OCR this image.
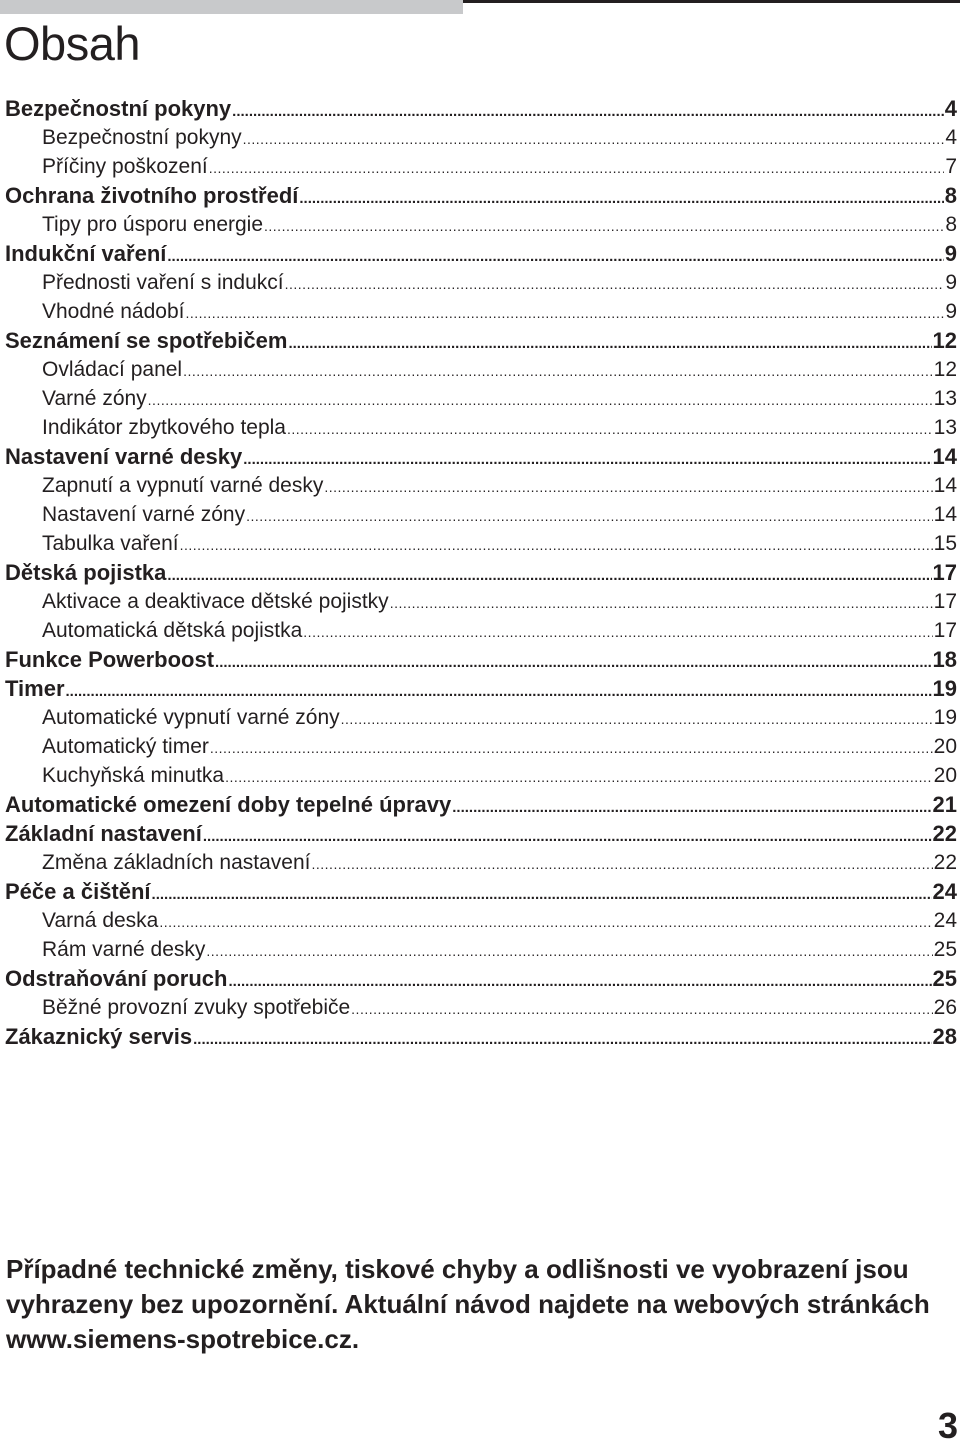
Obsah
Bezpečnostní pokyny .....	4
Bezpečnostní pokyny .....	4
Příčiny poškození .....	7
Ochrana životního prostředí .....	8
Tipy pro úsporu energie .....	8
Indukční vaření .....	9
Přednosti vaření s indukcí .....	9
Vhodné nádobí .....	9
Seznámení se spotřebičem .....	12
Ovládací panel .....	12
Varné zóny .....	13
Indikátor zbytkového tepla .....	13
Nastavení varné desky .....	14
Zapnutí a vypnutí varné desky .....	14
Nastavení varné zóny .....	14
Tabulka vaření .....	15
Dětská pojistka .....	17
Aktivace a deaktivace dětské pojistky .....	17
Automatická dětská pojistka .....	17
Funkce Powerboost .....	18
Timer .....	19
Automatické vypnutí varné zóny .....	19
Automatický timer .....	20
Kuchyňská minutka .....	20
Automatické omezení doby tepelné úpravy .....	21
Základní nastavení .....	22
Změna základních nastavení .....	22
Péče a čištění .....	24
Varná deska .....	24
Rám varné desky .....	25
Odstraňování poruch .....	25
Běžné provozní zvuky spotřebiče .....	26
Zákaznický servis .....	28

Případné technické změny, tiskové chyby a odlišnosti ve vyobrazení jsou vyhrazeny bez upozornění. Aktuální návod najdete na webových stránkách www.siemens-spotrebice.cz.

3
